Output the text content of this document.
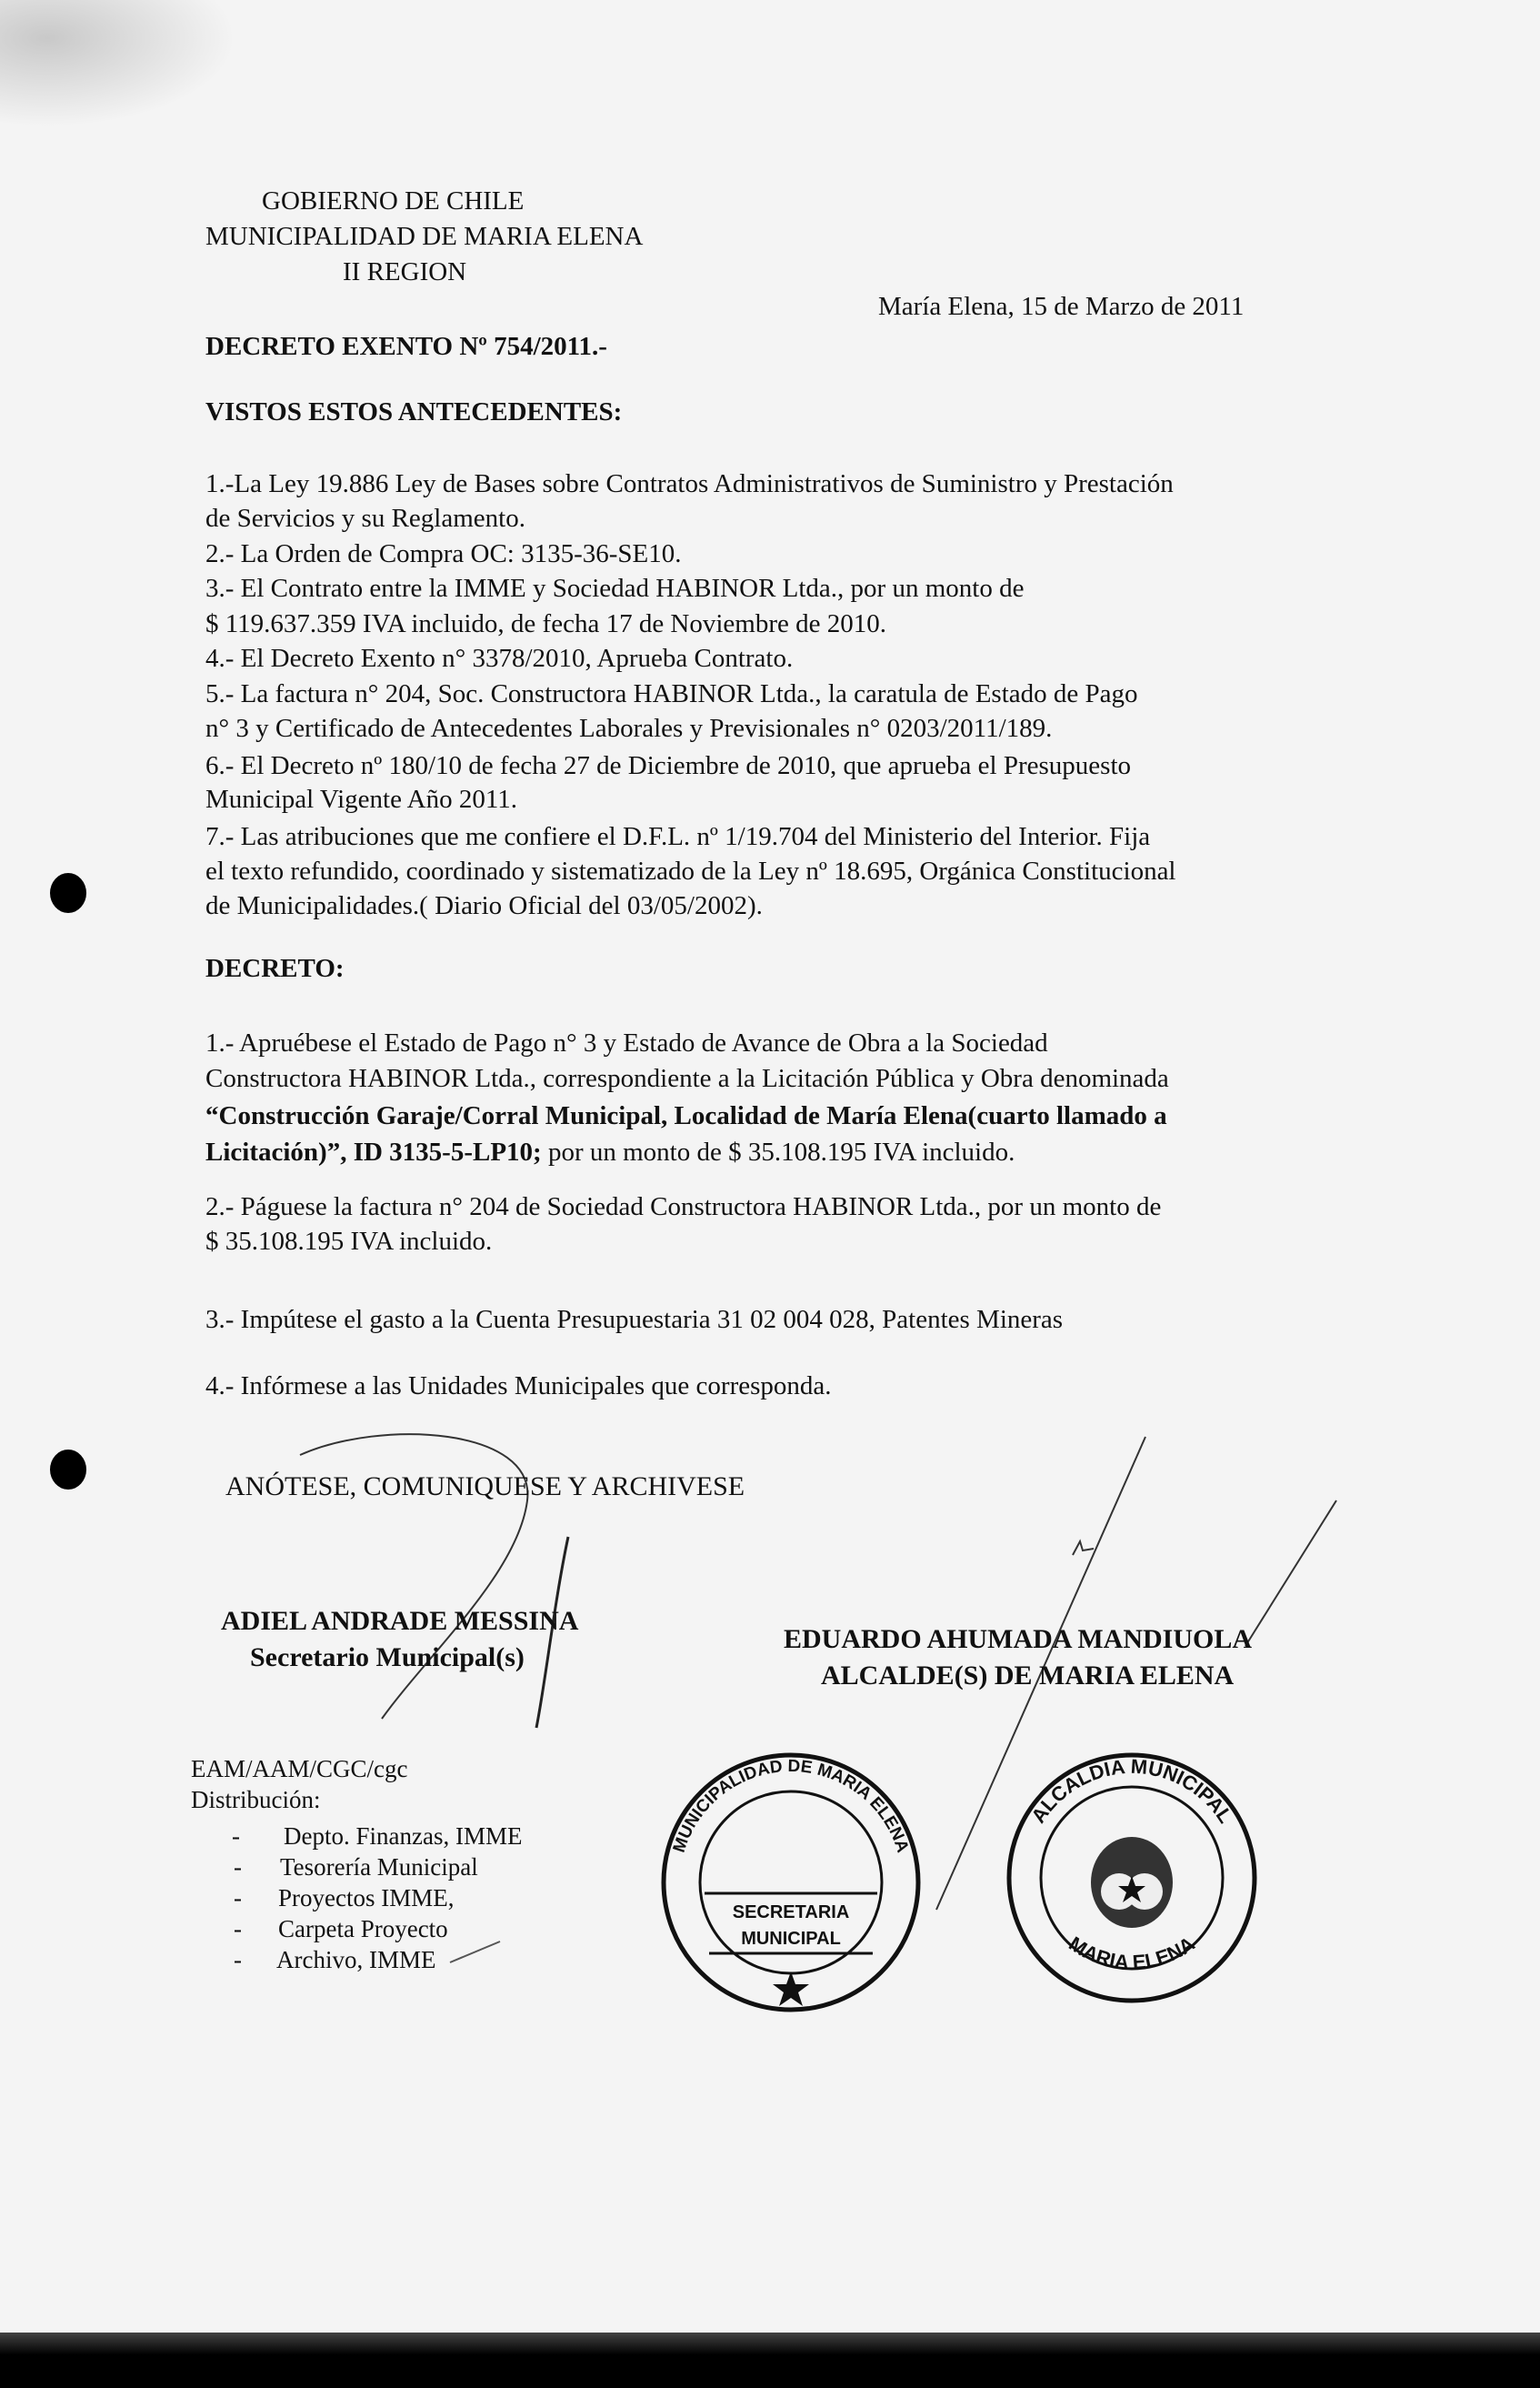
GOBIERNO DE CHILE
MUNICIPALIDAD DE MARIA ELENA
II REGION
María Elena, 15 de Marzo de 2011
DECRETO EXENTO Nº 754/2011.-
VISTOS ESTOS ANTECEDENTES:
1.-La Ley 19.886 Ley de Bases sobre Contratos Administrativos de Suministro y Prestación
de Servicios y su Reglamento.
2.- La Orden de Compra OC: 3135-36-SE10.
3.- El Contrato entre la IMME y Sociedad HABINOR Ltda., por un monto de
$ 119.637.359 IVA incluido, de fecha 17 de Noviembre de 2010.
4.- El Decreto Exento n° 3378/2010, Aprueba Contrato.
5.- La factura n° 204, Soc. Constructora HABINOR Ltda., la caratula de Estado de Pago
n° 3 y Certificado de Antecedentes Laborales y Previsionales n° 0203/2011/189.
6.- El Decreto nº 180/10 de fecha 27 de Diciembre de 2010, que aprueba el Presupuesto
Municipal Vigente Año 2011.
7.- Las atribuciones que me confiere el D.F.L. nº 1/19.704 del Ministerio del Interior. Fija
el texto refundido, coordinado y sistematizado de la Ley nº 18.695, Orgánica Constitucional
de Municipalidades.( Diario Oficial del 03/05/2002).
DECRETO:
1.- Apruébese el Estado de Pago n° 3 y Estado de Avance de Obra a la Sociedad
Constructora HABINOR Ltda., correspondiente a la Licitación Pública y Obra denominada
“Construcción Garaje/Corral Municipal, Localidad de María Elena(cuarto llamado a
Licitación)”, ID 3135-5-LP10; por un monto de $ 35.108.195 IVA incluido.
2.- Páguese la factura n° 204 de Sociedad Constructora HABINOR Ltda., por un monto de
$ 35.108.195 IVA incluido.
3.- Impútese el gasto a la Cuenta Presupuestaria 31 02 004 028, Patentes Mineras
4.- Infórmese a las Unidades Municipales que corresponda.
ANÓTESE, COMUNIQUESE Y ARCHIVESE
ADIEL ANDRADE MESSINA
Secretario Municipal(s)
EDUARDO AHUMADA MANDIUOLA
ALCALDE(S) DE MARIA ELENA
MUNICIPALIDAD DE MARIA ELENA
SECRETARIA
MUNICIPAL
ALCALDIA MUNICIPAL
MARIA ELENA
EAM/AAM/CGC/cgc
Distribución:
- Depto. Finanzas, IMME
- Tesorería Municipal
- Proyectos IMME,
- Carpeta Proyecto
- Archivo, IMME
